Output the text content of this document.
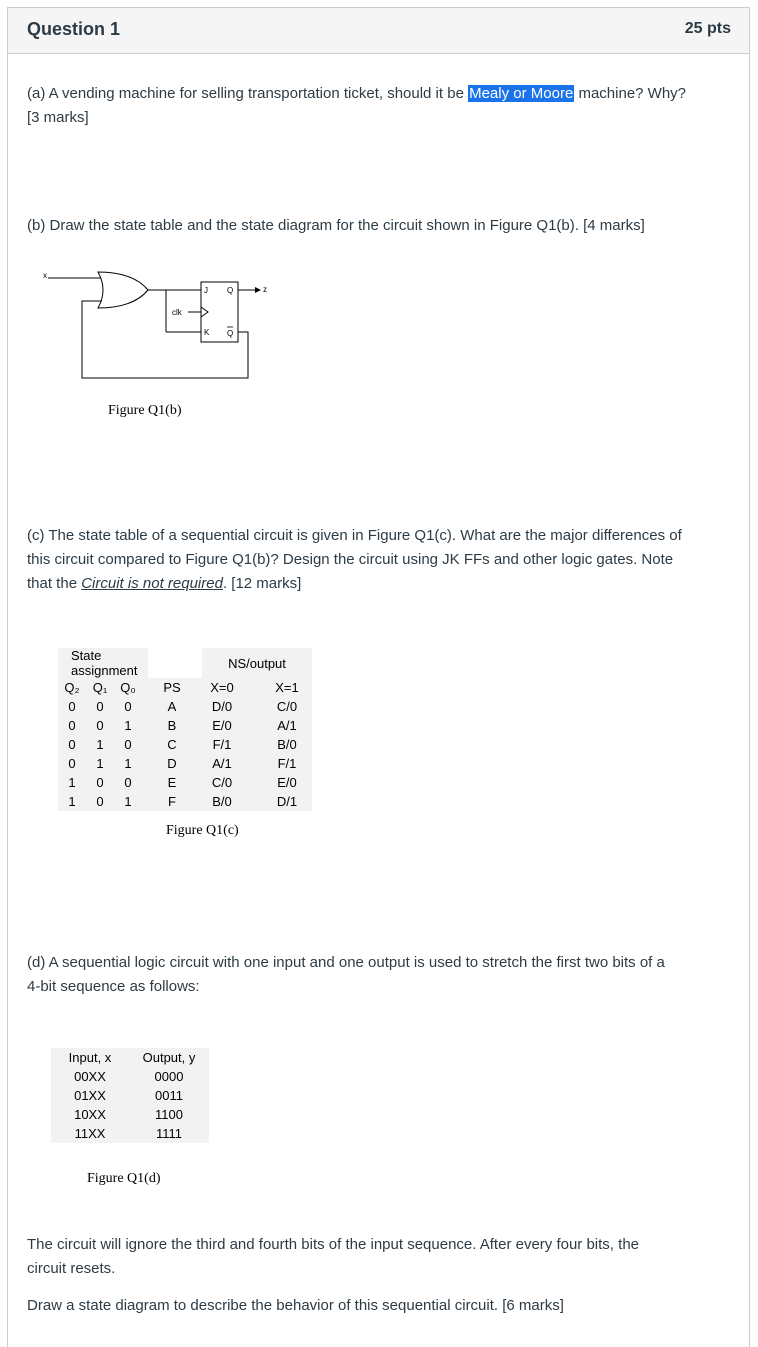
Question 1	25 pts
(a) A vending machine for selling transportation ticket, should it be Mealy or Moore machine? Why?
[3 marks]
(b) Draw the state table and the state diagram for the circuit shown in Figure Q1(b). [4 marks]
x
J
K
Q
Q
clk
z
Figure Q1(b)
(c) The state table of a sequential circuit is given in Figure Q1(c). What are the major differences of
this circuit compared to Figure Q1(b)? Design the circuit using JK FFs and other logic gates. Note
that the Circuit is not required. [12 marks]
State assignment						NS/output		
Q₂	Q₁	Q₀		PS		X=0		X=1
0	0	0		A		D/0		C/0
0	0	1		B		E/0		A/1
0	1	0		C		F/1		B/0
0	1	1		D		A/1		F/1
1	0	0		E		C/0		E/0
1	0	1		F		B/0		D/1
Figure Q1(c)
(d) A sequential logic circuit with one input and one output is used to stretch the first two bits of a
4-bit sequence as follows:
Input, x	Output, y
00XX	0000
01XX	0011
10XX	1100
11XX	1111
Figure Q1(d)
The circuit will ignore the third and fourth bits of the input sequence. After every four bits, the
circuit resets.
Draw a state diagram to describe the behavior of this sequential circuit. [6 marks]
